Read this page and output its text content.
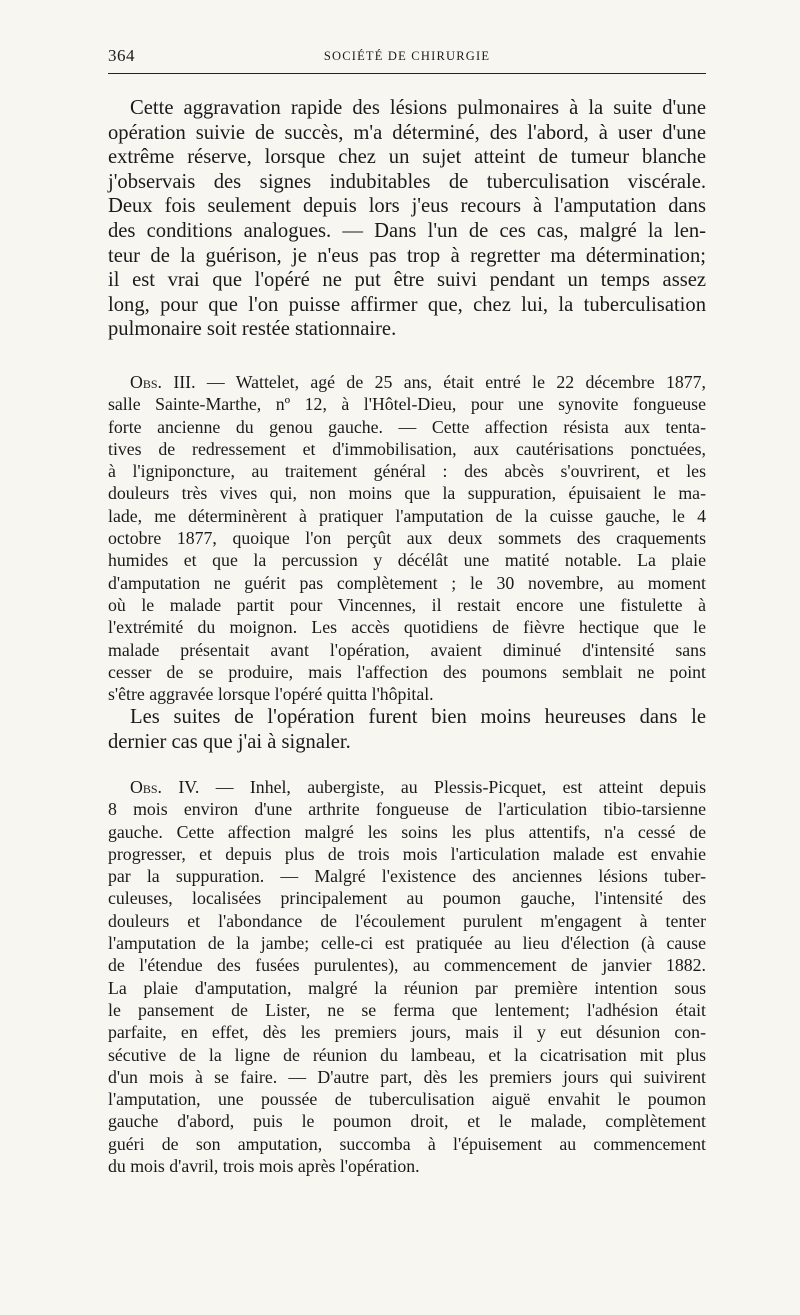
364	SOCIÉTÉ DE CHIRURGIE
Cette aggravation rapide des lésions pulmonaires à la suite d'une
opération suivie de succès, m'a déterminé, des l'abord, à user d'une
extrême réserve, lorsque chez un sujet atteint de tumeur blanche
j'observais des signes indubitables de tuberculisation viscérale.
Deux fois seulement depuis lors j'eus recours à l'amputation dans
des conditions analogues. — Dans l'un de ces cas, malgré la len-
teur de la guérison, je n'eus pas trop à regretter ma détermination;
il est vrai que l'opéré ne put être suivi pendant un temps assez
long, pour que l'on puisse affirmer que, chez lui, la tuberculisation
pulmonaire soit restée stationnaire.
Obs. III. — Wattelet, agé de 25 ans, était entré le 22 décembre 1877,
salle Sainte-Marthe, nº 12, à l'Hôtel-Dieu, pour une synovite fongueuse
forte ancienne du genou gauche. — Cette affection résista aux tenta-
tives de redressement et d'immobilisation, aux cautérisations ponctuées,
à l'igniponcture, au traitement général : des abcès s'ouvrirent, et les
douleurs très vives qui, non moins que la suppuration, épuisaient le ma-
lade, me déterminèrent à pratiquer l'amputation de la cuisse gauche, le 4
octobre 1877, quoique l'on perçût aux deux sommets des craquements
humides et que la percussion y décélât une matité notable. La plaie
d'amputation ne guérit pas complètement ; le 30 novembre, au moment
où le malade partit pour Vincennes, il restait encore une fistulette à
l'extrémité du moignon. Les accès quotidiens de fièvre hectique que le
malade présentait avant l'opération, avaient diminué d'intensité sans
cesser de se produire, mais l'affection des poumons semblait ne point
s'être aggravée lorsque l'opéré quitta l'hôpital.
Les suites de l'opération furent bien moins heureuses dans le
dernier cas que j'ai à signaler.
Obs. IV. — Inhel, aubergiste, au Plessis-Picquet, est atteint depuis
8 mois environ d'une arthrite fongueuse de l'articulation tibio-tarsienne
gauche. Cette affection malgré les soins les plus attentifs, n'a cessé de
progresser, et depuis plus de trois mois l'articulation malade est envahie
par la suppuration. — Malgré l'existence des anciennes lésions tuber-
culeuses, localisées principalement au poumon gauche, l'intensité des
douleurs et l'abondance de l'écoulement purulent m'engagent à tenter
l'amputation de la jambe; celle-ci est pratiquée au lieu d'élection (à cause
de l'étendue des fusées purulentes), au commencement de janvier 1882.
La plaie d'amputation, malgré la réunion par première intention sous
le pansement de Lister, ne se ferma que lentement; l'adhésion était
parfaite, en effet, dès les premiers jours, mais il y eut désunion con-
sécutive de la ligne de réunion du lambeau, et la cicatrisation mit plus
d'un mois à se faire. — D'autre part, dès les premiers jours qui suivirent
l'amputation, une poussée de tuberculisation aiguë envahit le poumon
gauche d'abord, puis le poumon droit, et le malade, complètement
guéri de son amputation, succomba à l'épuisement au commencement
du mois d'avril, trois mois après l'opération.
